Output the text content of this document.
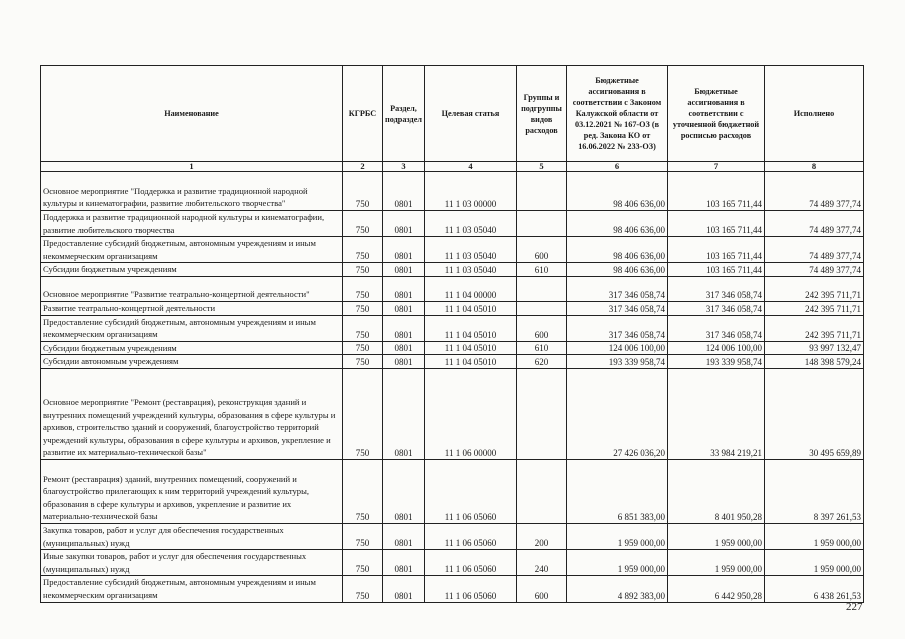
Наименование	КГРБС	Раздел, подраздел	Целевая статья	Группы и подгруппы видов расходов	Бюджетные ассигнования в соответствии с Законом Калужской области от 03.12.2021 № 167-ОЗ (в ред. Закона КО от 16.06.2022 № 233-ОЗ)	Бюджетные ассигнования в соответствии с уточненной бюджетной росписью расходов	Исполнено
1	2	3	4	5	6	7	8
Основное мероприятие "Поддержка и развитие традиционной народной культуры и кинематографии, развитие любительского творчества"	750	0801	11 1 03 00000		98 406 636,00	103 165 711,44	74 489 377,74
Поддержка и развитие традиционной народной культуры и кинематографии, развитие любительского творчества	750	0801	11 1 03 05040		98 406 636,00	103 165 711,44	74 489 377,74
Предоставление субсидий бюджетным, автономным учреждениям и иным некоммерческим организациям	750	0801	11 1 03 05040	600	98 406 636,00	103 165 711,44	74 489 377,74
Субсидии бюджетным учреждениям	750	0801	11 1 03 05040	610	98 406 636,00	103 165 711,44	74 489 377,74
Основное мероприятие "Развитие театрально-концертной деятельности"	750	0801	11 1 04 00000		317 346 058,74	317 346 058,74	242 395 711,71
Развитие театрально-концертной деятельности	750	0801	11 1 04 05010		317 346 058,74	317 346 058,74	242 395 711,71
Предоставление субсидий бюджетным, автономным учреждениям и иным некоммерческим организациям	750	0801	11 1 04 05010	600	317 346 058,74	317 346 058,74	242 395 711,71
Субсидии бюджетным учреждениям	750	0801	11 1 04 05010	610	124 006 100,00	124 006 100,00	93 997 132,47
Субсидии автономным учреждениям	750	0801	11 1 04 05010	620	193 339 958,74	193 339 958,74	148 398 579,24
Основное мероприятие "Ремонт (реставрация), реконструкция зданий и внутренних помещений учреждений культуры, образования в сфере культуры и архивов, строительство зданий и сооружений, благоустройство территорий учреждений культуры, образования в сфере культуры и архивов, укрепление и развитие их материально-технической базы"	750	0801	11 1 06 00000		27 426 036,20	33 984 219,21	30 495 659,89
Ремонт (реставрация) зданий, внутренних помещений, сооружений и благоустройство прилегающих к ним территорий учреждений культуры, образования в сфере культуры и архивов, укрепление и развитие их материально-технической базы	750	0801	11 1 06 05060		6 851 383,00	8 401 950,28	8 397 261,53
Закупка товаров, работ и услуг для обеспечения государственных (муниципальных) нужд	750	0801	11 1 06 05060	200	1 959 000,00	1 959 000,00	1 959 000,00
Иные закупки товаров, работ и услуг для обеспечения государственных (муниципальных) нужд	750	0801	11 1 06 05060	240	1 959 000,00	1 959 000,00	1 959 000,00
Предоставление субсидий бюджетным, автономным учреждениям и иным некоммерческим организациям	750	0801	11 1 06 05060	600	4 892 383,00	6 442 950,28	6 438 261,53
227
